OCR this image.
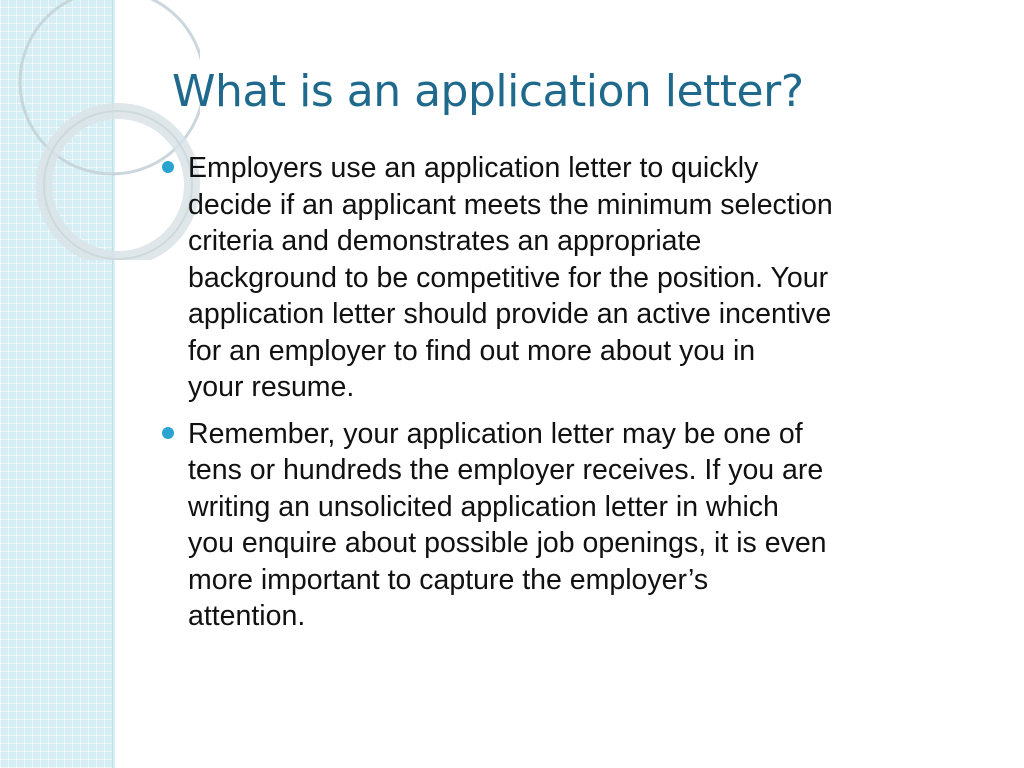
What is an application letter?
Employers use an application letter to quickly
decide if an applicant meets the minimum selection
criteria and demonstrates an appropriate
background to be competitive for the position. Your
application letter should provide an active incentive
for an employer to find out more about you in
your resume.
Remember, your application letter may be one of
tens or hundreds the employer receives. If you are
writing an unsolicited application letter in which
you enquire about possible job openings, it is even
more important to capture the employer’s
attention.
